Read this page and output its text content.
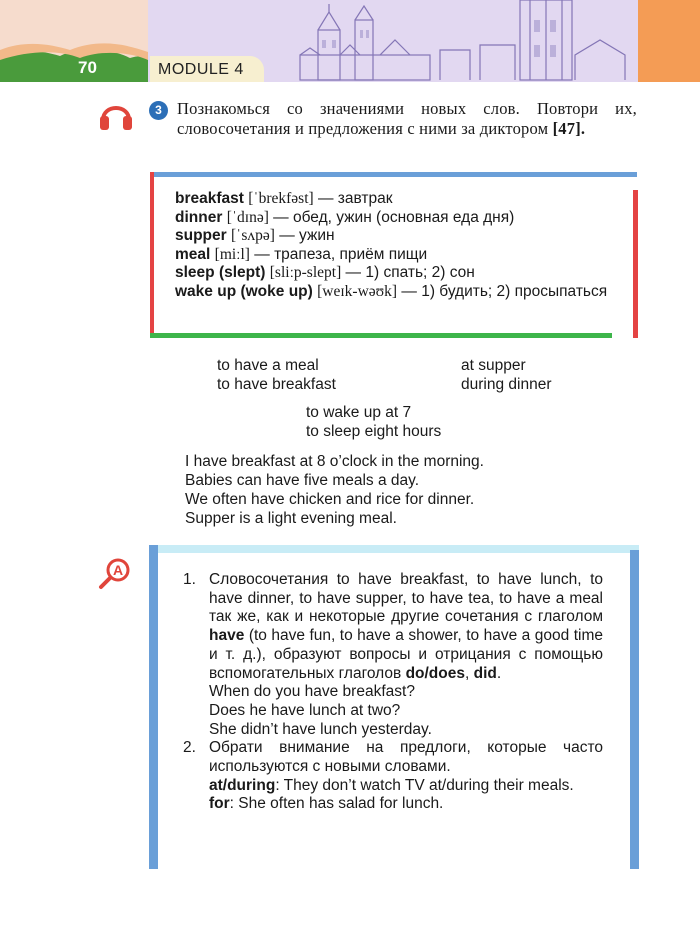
70	MODULE 4
3 Познакомься со значениями новых слов. Повтори их, словосочетания и предложения с ними за диктором [47].
breakfast [ˈbrekfəst] — завтрак
dinner [ˈdɪnə] — обед, ужин (основная еда дня)
supper [ˈsʌpə] — ужин
meal [miːl] — трапеза, приём пищи
sleep (slept) [sliːp-slept] — 1) спать; 2) сон
wake up (woke up) [weɪk-wəʊk] — 1) будить; 2) просыпаться
to have a meal
to have breakfast
at supper
during dinner
to wake up at 7
to sleep eight hours
I have breakfast at 8 o’clock in the morning.
Babies can have five meals a day.
We often have chicken and rice for dinner.
Supper is a light evening meal.
A
1. Словосочетания to have breakfast, to have lunch, to have dinner, to have supper, to have tea, to have a meal так же, как и некоторые другие сочетания с глаголом have (to have fun, to have a shower, to have a good time и т. д.), образуют вопросы и отрицания с помощью вспомогательных глаголов do/does, did.
When do you have breakfast?
Does he have lunch at two?
She didn’t have lunch yesterday.
2. Обрати внимание на предлоги, которые часто используются с новыми словами.
at/during: They don’t watch TV at/during their meals.
for: She often has salad for lunch.
